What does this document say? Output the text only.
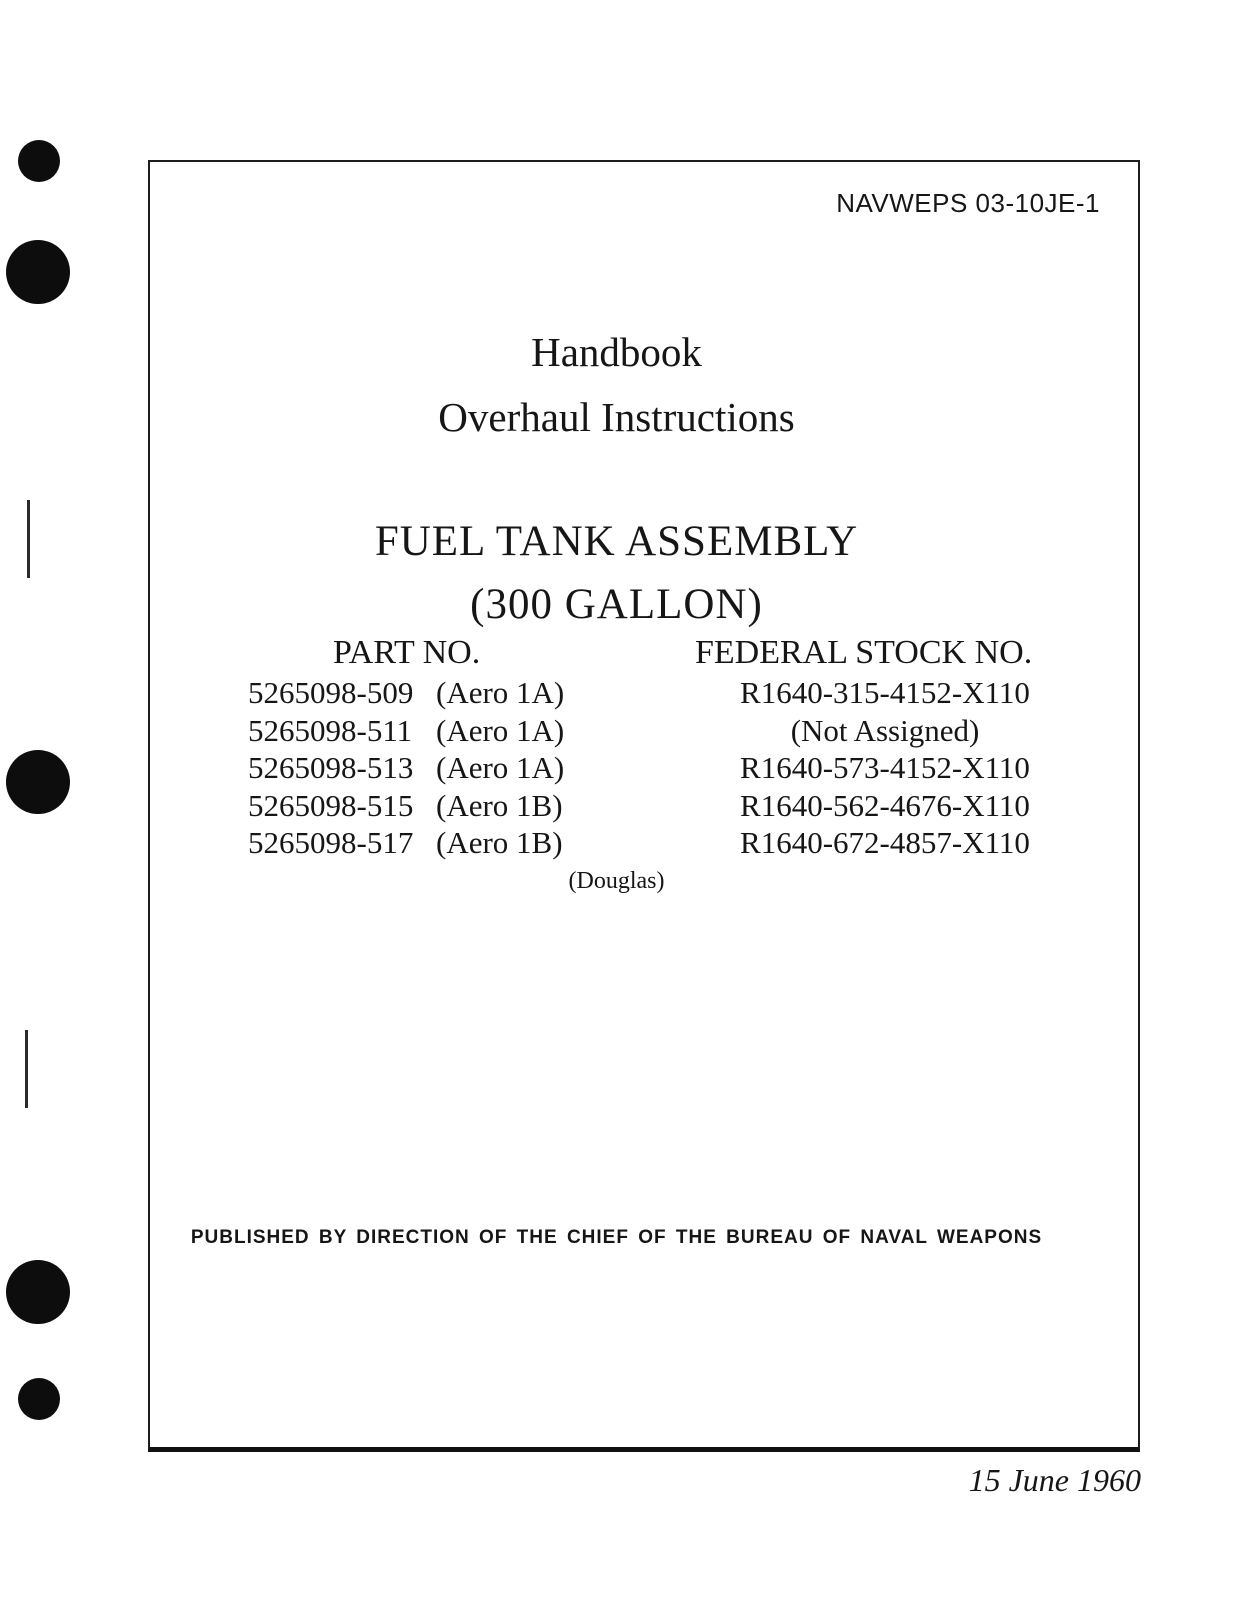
NAVWEPS 03-10JE-1
Handbook
Overhaul Instructions
FUEL TANK ASSEMBLY
(300 GALLON)
PART NO.	FEDERAL STOCK NO.
5265098-509 (Aero 1A)
5265098-511 (Aero 1A)
5265098-513 (Aero 1A)
5265098-515 (Aero 1B)
5265098-517 (Aero 1B)
R1640-315-4152-X110
(Not Assigned)
R1640-573-4152-X110
R1640-562-4676-X110
R1640-672-4857-X110
(Douglas)
PUBLISHED BY DIRECTION OF THE CHIEF OF THE BUREAU OF NAVAL WEAPONS
15 June 1960
